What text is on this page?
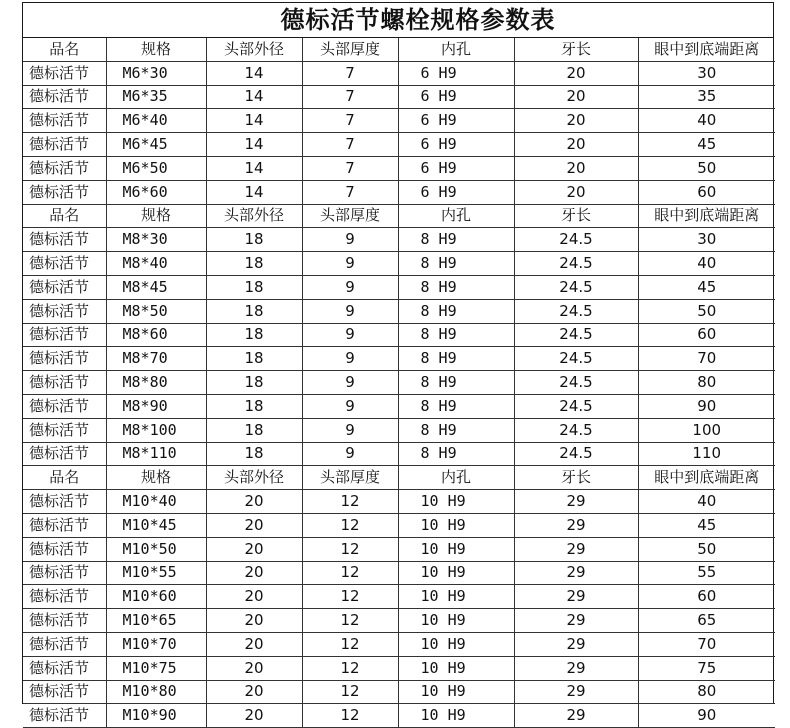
德标活节螺栓规格参数表
品名	规格	头部外径	头部厚度	内孔	牙长	眼中到底端距离
德标活节	M6*30	14	7	6 H9	20	30
德标活节	M6*35	14	7	6 H9	20	35
德标活节	M6*40	14	7	6 H9	20	40
德标活节	M6*45	14	7	6 H9	20	45
德标活节	M6*50	14	7	6 H9	20	50
德标活节	M6*60	14	7	6 H9	20	60
品名	规格	头部外径	头部厚度	内孔	牙长	眼中到底端距离
德标活节	M8*30	18	9	8 H9	24.5	30
德标活节	M8*40	18	9	8 H9	24.5	40
德标活节	M8*45	18	9	8 H9	24.5	45
德标活节	M8*50	18	9	8 H9	24.5	50
德标活节	M8*60	18	9	8 H9	24.5	60
德标活节	M8*70	18	9	8 H9	24.5	70
德标活节	M8*80	18	9	8 H9	24.5	80
德标活节	M8*90	18	9	8 H9	24.5	90
德标活节	M8*100	18	9	8 H9	24.5	100
德标活节	M8*110	18	9	8 H9	24.5	110
品名	规格	头部外径	头部厚度	内孔	牙长	眼中到底端距离
德标活节	M10*40	20	12	10 H9	29	40
德标活节	M10*45	20	12	10 H9	29	45
德标活节	M10*50	20	12	10 H9	29	50
德标活节	M10*55	20	12	10 H9	29	55
德标活节	M10*60	20	12	10 H9	29	60
德标活节	M10*65	20	12	10 H9	29	65
德标活节	M10*70	20	12	10 H9	29	70
德标活节	M10*75	20	12	10 H9	29	75
德标活节	M10*80	20	12	10 H9	29	80
德标活节	M10*90	20	12	10 H9	29	90
